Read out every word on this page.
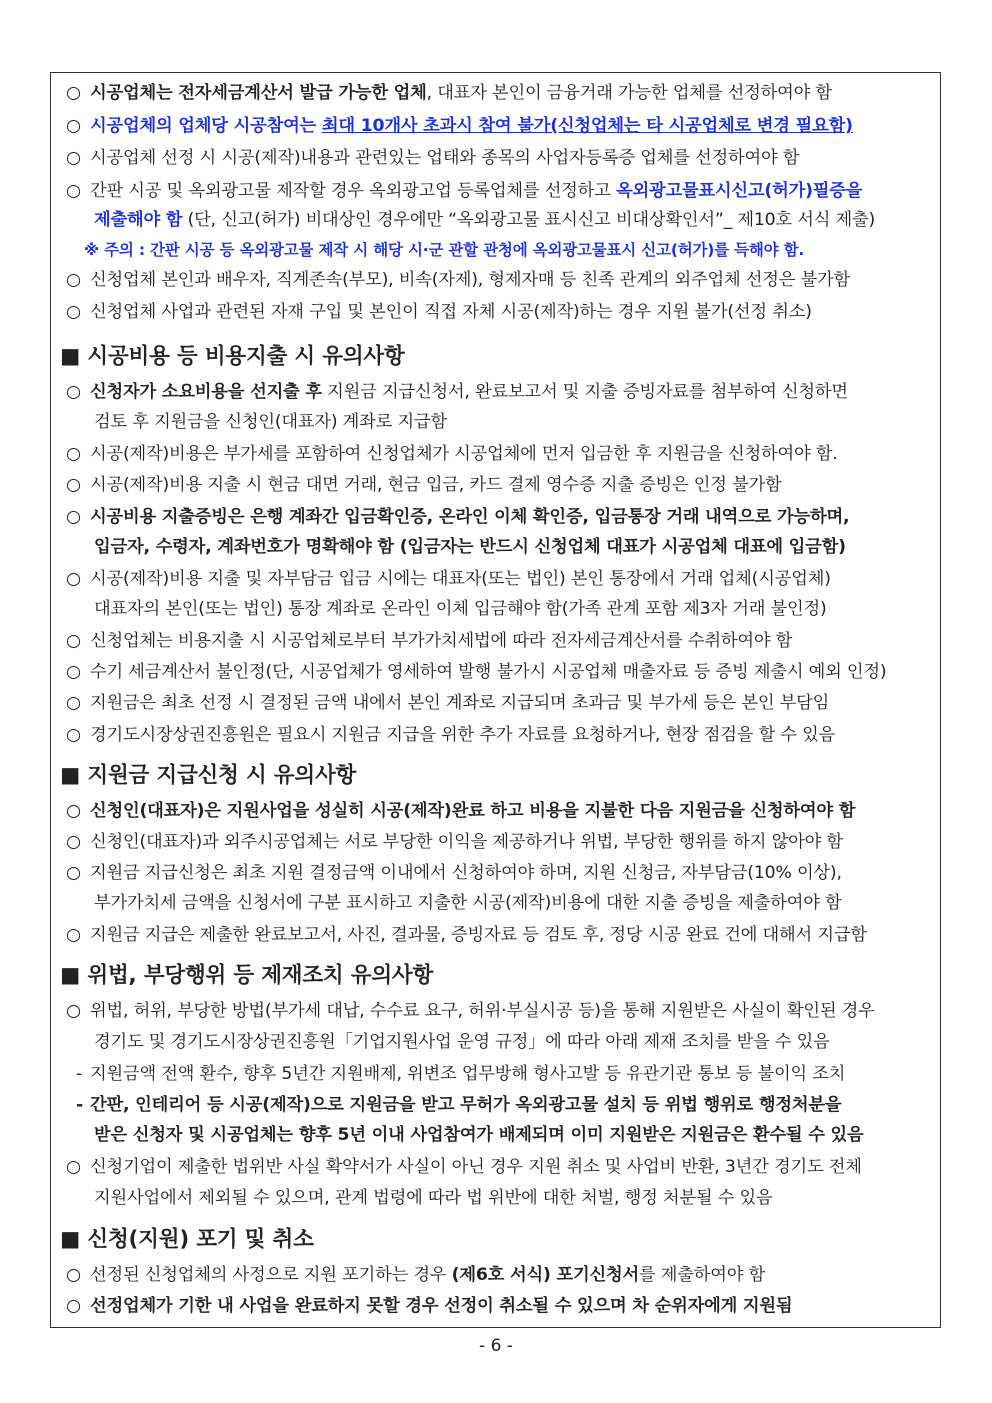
○ 시공업체는 전자세금계산서 발급 가능한 업체, 대표자 본인이 금융거래 가능한 업체를 선정하여야 함
○ 시공업체의 업체당 시공참여는 최대 10개사 초과시 참여 불가(신청업체는 타 시공업체로 변경 필요함)
○ 시공업체 선정 시 시공(제작)내용과 관련있는 업태와 종목의 사업자등록증 업체를 선정하여야 함
○ 간판 시공 및 옥외광고물 제작할 경우 옥외광고업 등록업체를 선정하고 옥외광고물표시신고(허가)필증을
제출해야 함 (단, 신고(허가) 비대상인 경우에만 “옥외광고물 표시신고 비대상확인서”_ 제10호 서식 제출)
※ 주의 : 간판 시공 등 옥외광고물 제작 시 해당 시·군 관할 관청에 옥외광고물표시 신고(허가)를 득해야 함.
○ 신청업체 본인과 배우자, 직계존속(부모), 비속(자제), 형제자매 등 친족 관계의 외주업체 선정은 불가함
○ 신청업체 사업과 관련된 자재 구입 및 본인이 직접 자체 시공(제작)하는 경우 지원 불가(선정 취소)
■ 시공비용 등 비용지출 시 유의사항
○ 신청자가 소요비용을 선지출 후 지원금 지급신청서, 완료보고서 및 지출 증빙자료를 첨부하여 신청하면
검토 후 지원금을 신청인(대표자) 계좌로 지급함
○ 시공(제작)비용은 부가세를 포함하여 신청업체가 시공업체에 먼저 입금한 후 지원금을 신청하여야 함.
○ 시공(제작)비용 지출 시 현금 대면 거래, 현금 입금, 카드 결제 영수증 지출 증빙은 인정 불가함
○ 시공비용 지출증빙은 은행 계좌간 입금확인증, 온라인 이체 확인증, 입금통장 거래 내역으로 가능하며,
입금자, 수령자, 계좌번호가 명확해야 함 (입금자는 반드시 신청업체 대표가 시공업체 대표에 입금함)
○ 시공(제작)비용 지출 및 자부담금 입금 시에는 대표자(또는 법인) 본인 통장에서 거래 업체(시공업체)
대표자의 본인(또는 법인) 통장 계좌로 온라인 이체 입금해야 함(가족 관계 포함 제3자 거래 불인정)
○ 신청업체는 비용지출 시 시공업체로부터 부가가치세법에 따라 전자세금계산서를 수취하여야 함
○ 수기 세금계산서 불인정(단, 시공업체가 영세하여 발행 불가시 시공업체 매출자료 등 증빙 제출시 예외 인정)
○ 지원금은 최초 선정 시 결정된 금액 내에서 본인 계좌로 지급되며 초과금 및 부가세 등은 본인 부담임
○ 경기도시장상권진흥원은 필요시 지원금 지급을 위한 추가 자료를 요청하거나, 현장 점검을 할 수 있음
■ 지원금 지급신청 시 유의사항
○ 신청인(대표자)은 지원사업을 성실히 시공(제작)완료 하고 비용을 지불한 다음 지원금을 신청하여야 함
○ 신청인(대표자)과 외주시공업체는 서로 부당한 이익을 제공하거나 위법, 부당한 행위를 하지 않아야 함
○ 지원금 지급신청은 최초 지원 결정금액 이내에서 신청하여야 하며, 지원 신청금, 자부담금(10% 이상),
부가가치세 금액을 신청서에 구분 표시하고 지출한 시공(제작)비용에 대한 지출 증빙을 제출하여야 함
○ 지원금 지급은 제출한 완료보고서, 사진, 결과물, 증빙자료 등 검토 후, 정당 시공 완료 건에 대해서 지급함
■ 위법, 부당행위 등 제재조치 유의사항
○ 위법, 허위, 부당한 방법(부가세 대납, 수수료 요구, 허위·부실시공 등)을 통해 지원받은 사실이 확인된 경우
경기도 및 경기도시장상권진흥원「기업지원사업 운영 규정」에 따라 아래 제재 조치를 받을 수 있음
- 지원금액 전액 환수, 향후 5년간 지원배제, 위변조 업무방해 형사고발 등 유관기관 통보 등 불이익 조치
- 간판, 인테리어 등 시공(제작)으로 지원금을 받고 무허가 옥외광고물 설치 등 위법 행위로 행정처분을
받은 신청자 및 시공업체는 향후 5년 이내 사업참여가 배제되며 이미 지원받은 지원금은 환수될 수 있음
○ 신청기업이 제출한 법위반 사실 확약서가 사실이 아닌 경우 지원 취소 및 사업비 반환, 3년간 경기도 전체
지원사업에서 제외될 수 있으며, 관계 법령에 따라 법 위반에 대한 처벌, 행정 처분될 수 있음
■ 신청(지원) 포기 및 취소
○ 선정된 신청업체의 사정으로 지원 포기하는 경우 (제6호 서식) 포기신청서를 제출하여야 함
○ 선정업체가 기한 내 사업을 완료하지 못할 경우 선정이 취소될 수 있으며 차 순위자에게 지원됨
- 6 -
